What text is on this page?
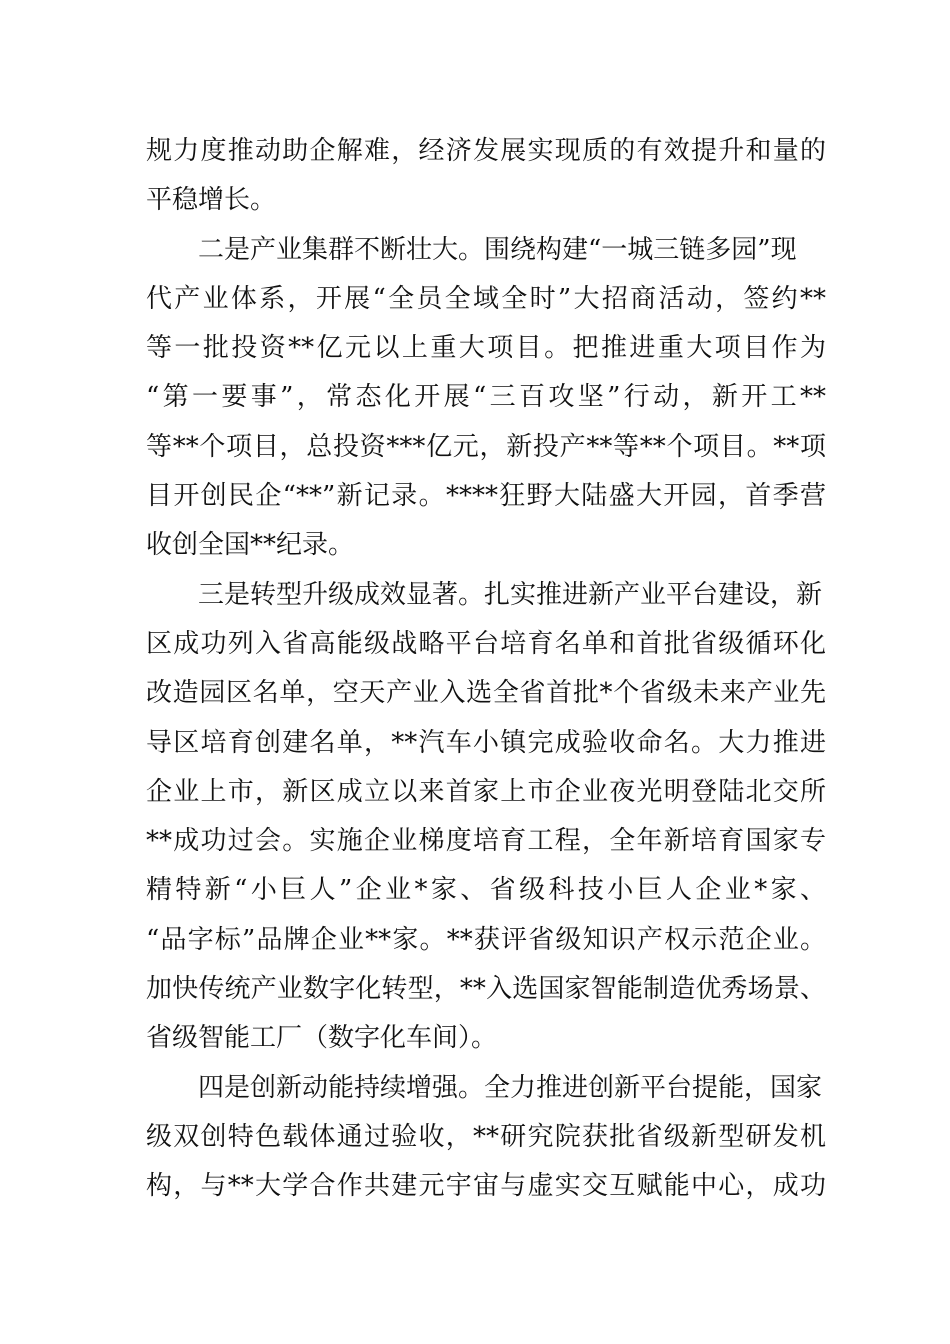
规力度推动助企解难，经济发展实现质的有效提升和量的
平稳增长。
二是产业集群不断壮大。围绕构建“一城三链多园”现
代产业体系，开展“全员全域全时”大招商活动，签约**
等一批投资**亿元以上重大项目。把推进重大项目作为
“第一要事”，常态化开展“三百攻坚”行动，新开工**
等**个项目，总投资***亿元，新投产**等**个项目。**项
目开创民企“**”新记录。****狂野大陆盛大开园，首季营
收创全国**纪录。
三是转型升级成效显著。扎实推进新产业平台建设，新
区成功列入省高能级战略平台培育名单和首批省级循环化
改造园区名单，空天产业入选全省首批*个省级未来产业先
导区培育创建名单，**汽车小镇完成验收命名。大力推进
企业上市，新区成立以来首家上市企业夜光明登陆北交所
**成功过会。实施企业梯度培育工程，全年新培育国家专
精特新“小巨人”企业*家、省级科技小巨人企业*家、
“品字标”品牌企业**家。**获评省级知识产权示范企业。
加快传统产业数字化转型，**入选国家智能制造优秀场景、
省级智能工厂（数字化车间）。
四是创新动能持续增强。全力推进创新平台提能，国家
级双创特色载体通过验收，**研究院获批省级新型研发机
构，与**大学合作共建元宇宙与虚实交互赋能中心，成功
